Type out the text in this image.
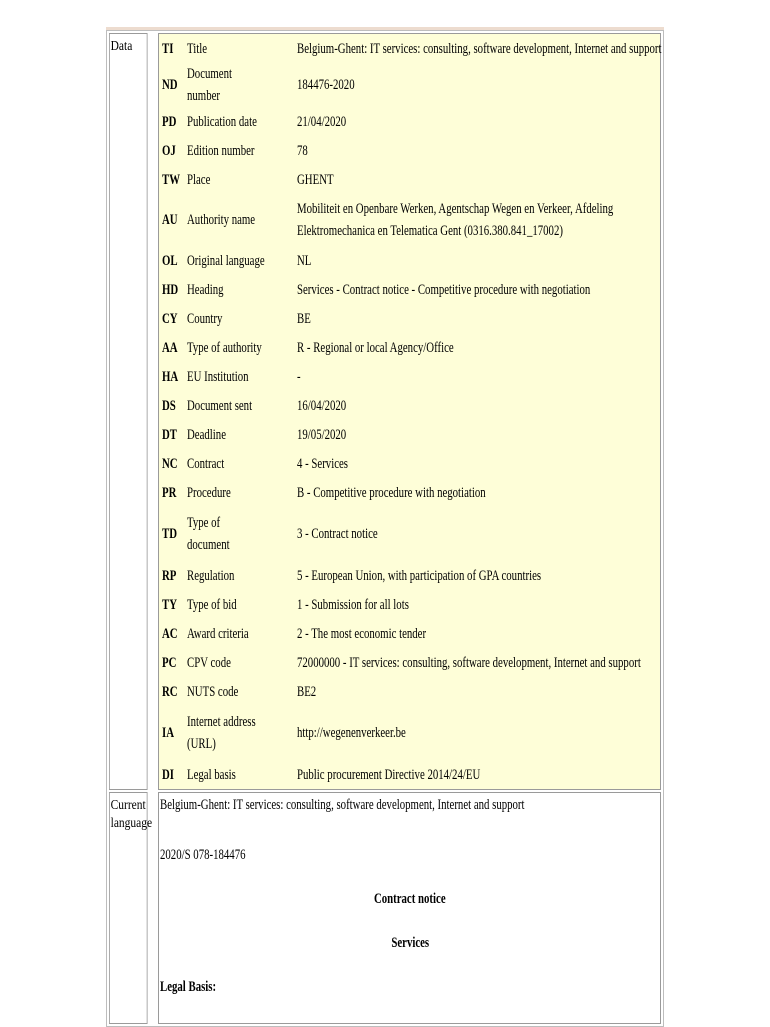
Data	TI	Title	Belgium-Ghent: IT services: consulting, software development, Internet and support
ND	Document number	184476-2020
PD	Publication date	21/04/2020
OJ	Edition number	78
TW	Place	GHENT
AU	Authority name	Mobiliteit en Openbare Werken, Agentschap Wegen en Verkeer, Afdeling Elektromechanica en Telematica Gent (0316.380.841_17002)
OL	Original language	NL
HD	Heading	Services - Contract notice - Competitive procedure with negotiation
CY	Country	BE
AA	Type of authority	R - Regional or local Agency/Office
HA	EU Institution	-
DS	Document sent	16/04/2020
DT	Deadline	19/05/2020
NC	Contract	4 - Services
PR	Procedure	B - Competitive procedure with negotiation
TD	Type of document	3 - Contract notice
RP	Regulation	5 - European Union, with participation of GPA countries
TY	Type of bid	1 - Submission for all lots
AC	Award criteria	2 - The most economic tender
PC	CPV code	72000000 - IT services: consulting, software development, Internet and support
RC	NUTS code	BE2
IA	Internet address (URL)	http://wegenenverkeer.be
DI	Legal basis	Public procurement Directive 2014/24/EU

Current
language	
Belgium-Ghent: IT services: consulting, software development, Internet and support
2020/S 078-184476
Contract notice
Services
Legal Basis:
